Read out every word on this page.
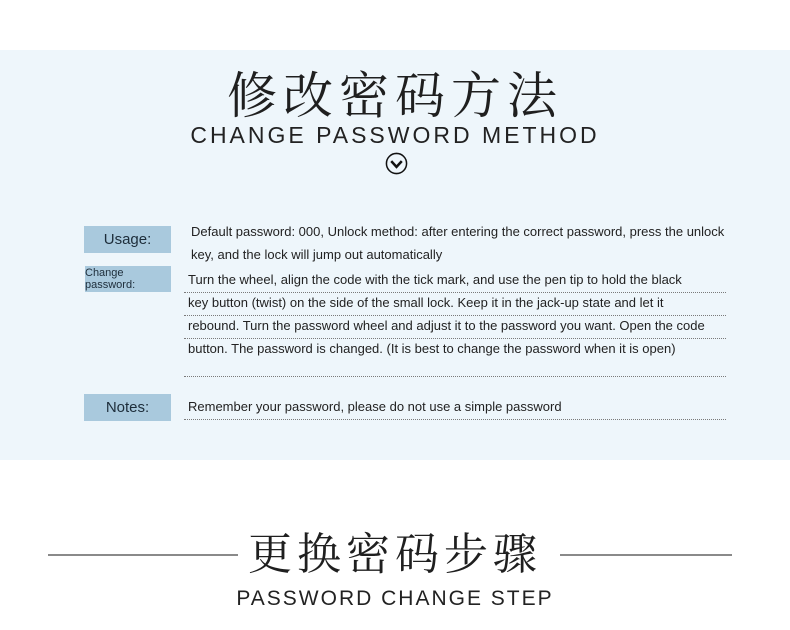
修改密码方法
CHANGE PASSWORD METHOD
Usage:	Default password: 000, Unlock method: after entering the correct password, press the unlock
key, and the lock will jump out automatically
Change password:	Turn the wheel, align the code with the tick mark, and use the pen tip to hold the black
key button (twist) on the side of the small lock. Keep it in the jack-up state and let it
rebound. Turn the password wheel and adjust it to the password you want. Open the code
button. The password is changed. (It is best to change the password when it is open)
Notes:	Remember your password, please do not use a simple password
更换密码步骤
PASSWORD CHANGE STEP
